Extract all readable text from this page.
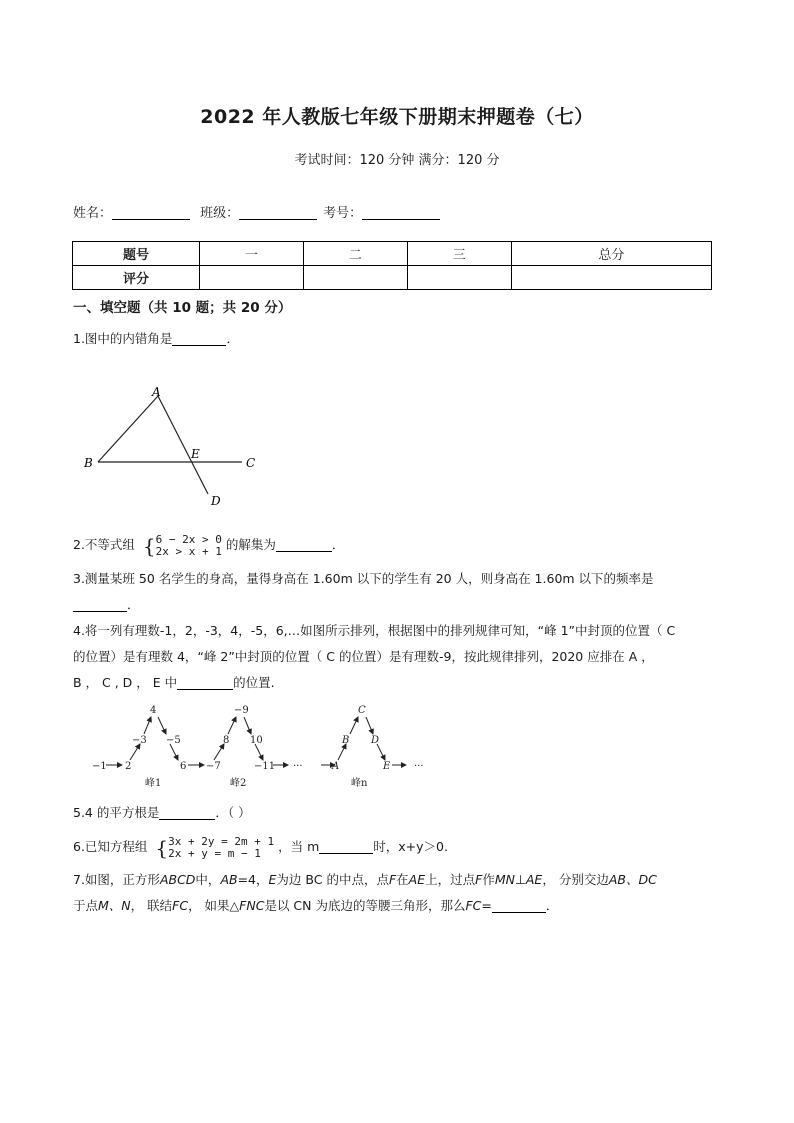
2022 年人教版七年级下册期末押题卷（七）
考试时间：120 分钟 满分：120 分
姓名：	班级：	考号：
题号	一	二	三	总分
评分				
一、填空题（共 10 题；共 20 分）
1.图中的内错角是	．
A
B
E
C
D
2.不等式组 { 6 − 2x > 0
2x > x + 1 的解集为	．
3.测量某班 50 名学生的身高，量得身高在 1.60m 以下的学生有 20 人，则身高在 1.60m 以下的频率是
．
4.将一列有理数-1，2，-3，4，-5，6,…如图所示排列，根据图中的排列规律可知，“峰 1”中封顶的位置（ C
的位置）是有理数 4，“峰 2”中封顶的位置（ C 的位置）是有理数-9，按此规律排列，2020 应排在 A ，
B ， C , D ， E 中	的位置.
−1 2
−3
4
−5
6 −7
8
−9
10
−11 ···	A
B
C
D
E ···
峰1	峰2	峰n
5.4 的平方根是	．（ ）
6.已知方程组 { 3x + 2y = 2m + 1
2x + y = m − 1	，当 m	时，x+y＞0.
7.如图，正方形ABCD中，AB=4，E为边 BC 的中点，点F在AE上，过点F作MN⊥AE， 分别交边AB、DC
于点M、N， 联结FC， 如果△FNC是以 CN 为底边的等腰三角形，那么FC=	．
